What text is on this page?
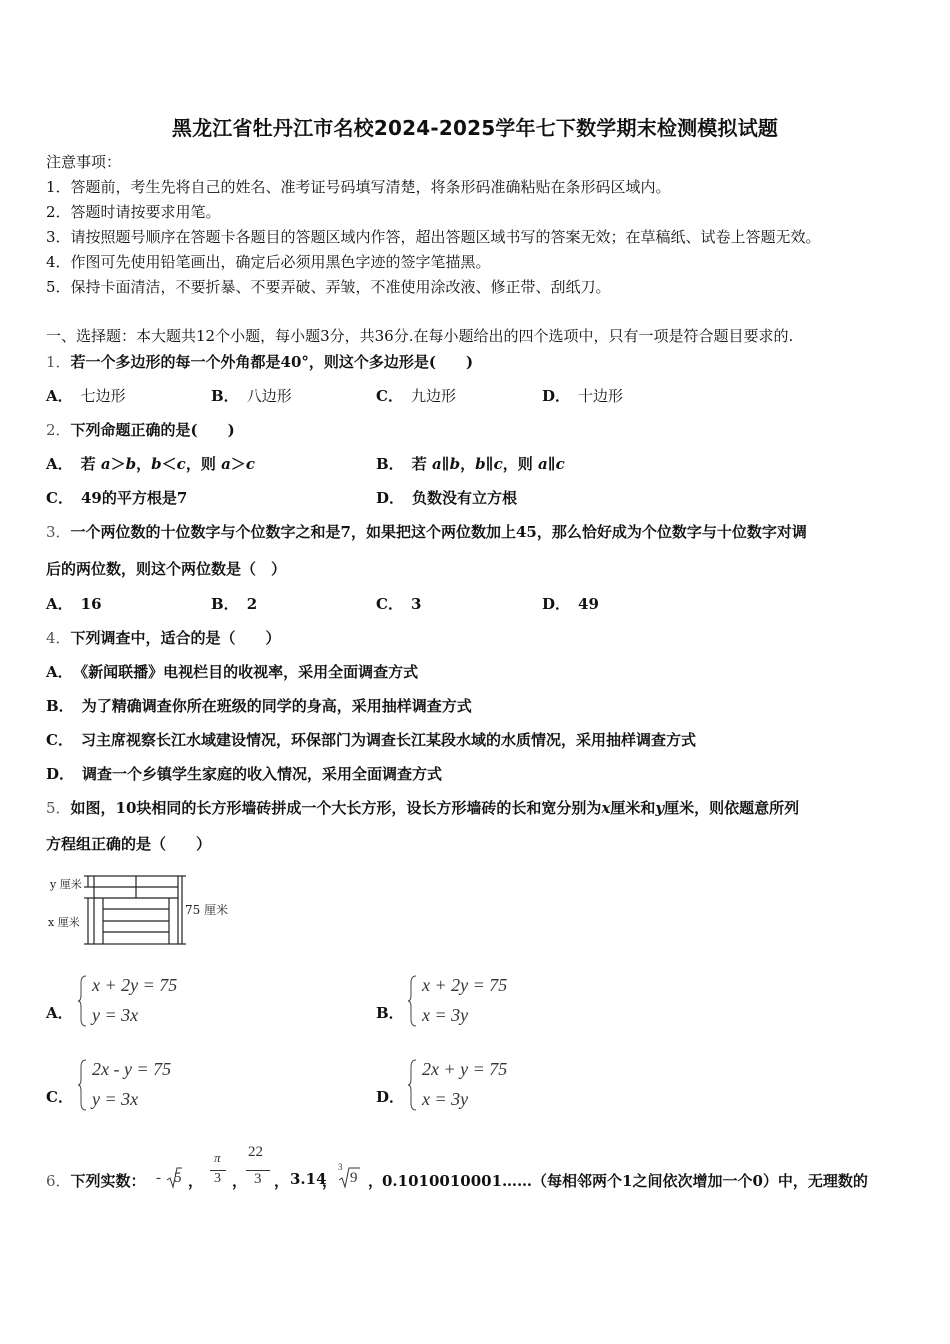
黑龙江省牡丹江市名校2024-2025学年七下数学期末检测模拟试题
注意事项：
1．答题前，考生先将自己的姓名、准考证号码填写清楚，将条形码准确粘贴在条形码区域内。
2．答题时请按要求用笔。
3．请按照题号顺序在答题卡各题目的答题区域内作答，超出答题区域书写的答案无效；在草稿纸、试卷上答题无效。
4．作图可先使用铅笔画出，确定后必须用黑色字迹的签字笔描黑。
5．保持卡面清洁，不要折暴、不要弄破、弄皱，不准使用涂改液、修正带、刮纸刀。
一、选择题：本大题共12个小题，每小题3分，共36分.在每小题给出的四个选项中，只有一项是符合题目要求的.
1．若一个多边形的每一个外角都是40°，则这个多边形是(　　)
A． 七边形	B． 八边形	C． 九边形	D． 十边形
2．下列命题正确的是(　　)
A． 若 a＞b，b＜c，则 a＞c	B． 若 a∥b，b∥c，则 a∥c
C． 49的平方根是7	D． 负数没有立方根
3．一个两位数的十位数字与个位数字之和是7，如果把这个两位数加上45，那么恰好成为个位数字与十位数字对调
后的两位数，则这个两位数是（　）
A． 16	B． 2	C． 3	D． 49
4．下列调查中，适合的是（　　）
A． 《新闻联播》电视栏目的收视率，采用全面调查方式
B． 为了精确调查你所在班级的同学的身高，采用抽样调查方式
C． 习主席视察长江水域建设情况，环保部门为调查长江某段水域的水质情况，采用抽样调查方式
D． 调查一个乡镇学生家庭的收入情况，采用全面调查方式
5．如图，10块相同的长方形墙砖拼成一个大长方形，设长方形墙砖的长和宽分别为x厘米和y厘米，则依题意所列
方程组正确的是（　　）
y 厘米
x 厘米
75 厘米
A．
x + 2y = 75
y = 3x	B．
x + 2y = 75
x = 3y
C．
2x - y = 75
y = 3x	D．
2x + y = 75
x = 3y
6．下列实数： - 5 ，
π
3 ，
22
3 ， 3.14
，
3
9 ，
0.1010010001……（每相邻两个1之间依次增加一个0）中，无理数的
